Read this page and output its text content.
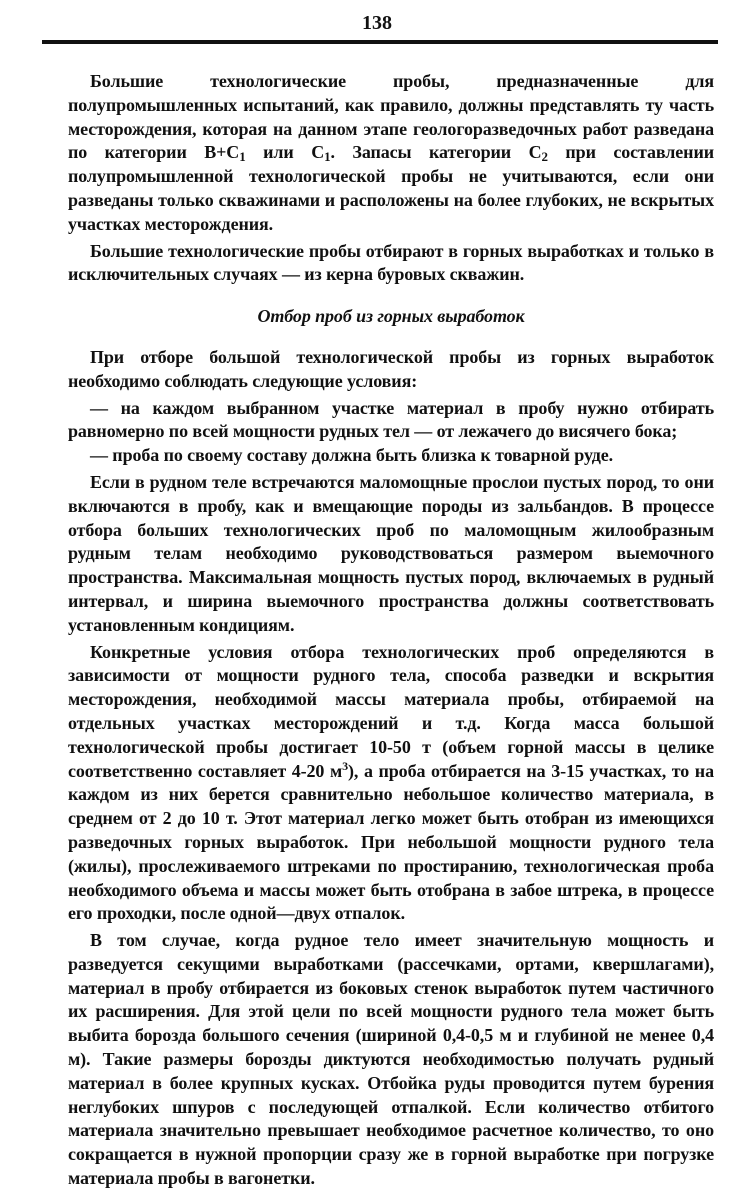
138

Большие технологические пробы, предназначенные для полупромышленных испытаний, как правило, должны представлять ту часть месторождения, которая на данном этапе геологоразведочных работ разведана по категории $B+C_1$ или $C_1$. Запасы категории $C_2$ при составлении полупромышленной технологической пробы не учитываются, если они разведаны только скважинами и расположены на более глубоких, не вскрытых участках месторождения.

Большие технологические пробы отбирают в горных выработках и только в исключительных случаях — из керна буровых скважин.

Отбор проб из горных выработок

При отборе большой технологической пробы из горных выработок необходимо соблюдать следующие условия:

— на каждом выбранном участке материал в пробу нужно отбирать равномерно по всей мощности рудных тел — от лежачего до висячего бока;

— проба по своему составу должна быть близка к товарной руде.

Если в рудном теле встречаются маломощные прослои пустых пород, то они включаются в пробу, как и вмещающие породы из зальбандов. В процессе отбора больших технологических проб по маломощным жилообразным рудным телам необходимо руководствоваться размером выемочного пространства. Максимальная мощность пустых пород, включаемых в рудный интервал, и ширина выемочного пространства должны соответствовать установленным кондициям.

Конкретные условия отбора технологических проб определяются в зависимости от мощности рудного тела, способа разведки и вскрытия месторождения, необходимой массы материала пробы, отбираемой на отдельных участках месторождений и т.д. Когда масса большой технологической пробы достигает 10-50 т (объем горной массы в целике соответственно составляет 4-20 $м^3$), а проба отбирается на 3-15 участках, то на каждом из них берется сравнительно небольшое количество материала, в среднем от 2 до 10 т. Этот материал легко может быть отобран из имеющихся разведочных горных выработок. При небольшой мощности рудного тела (жилы), прослеживаемого штреками по простиранию, технологическая проба необходимого объема и массы может быть отобрана в забое штрека, в процессе его проходки, после одной—двух отпалок.

В том случае, когда рудное тело имеет значительную мощность и разведуется секущими выработками (рассечками, ортами, квершлагами), материал в пробу отбирается из боковых стенок выработок путем частичного их расширения. Для этой цели по всей мощности рудного тела может быть выбита борозда большого сечения (шириной 0,4-0,5 м и глубиной не менее 0,4 м). Такие размеры борозды диктуются необходимостью получать рудный материал в более крупных кусках. Отбойка руды проводится путем бурения неглубоких шпуров с последующей отпалкой. Если количество отбитого материала значительно превышает необходимое расчетное количество, то оно сокращается в нужной пропорции сразу же в горной выработке при погрузке материала пробы в вагонетки.
